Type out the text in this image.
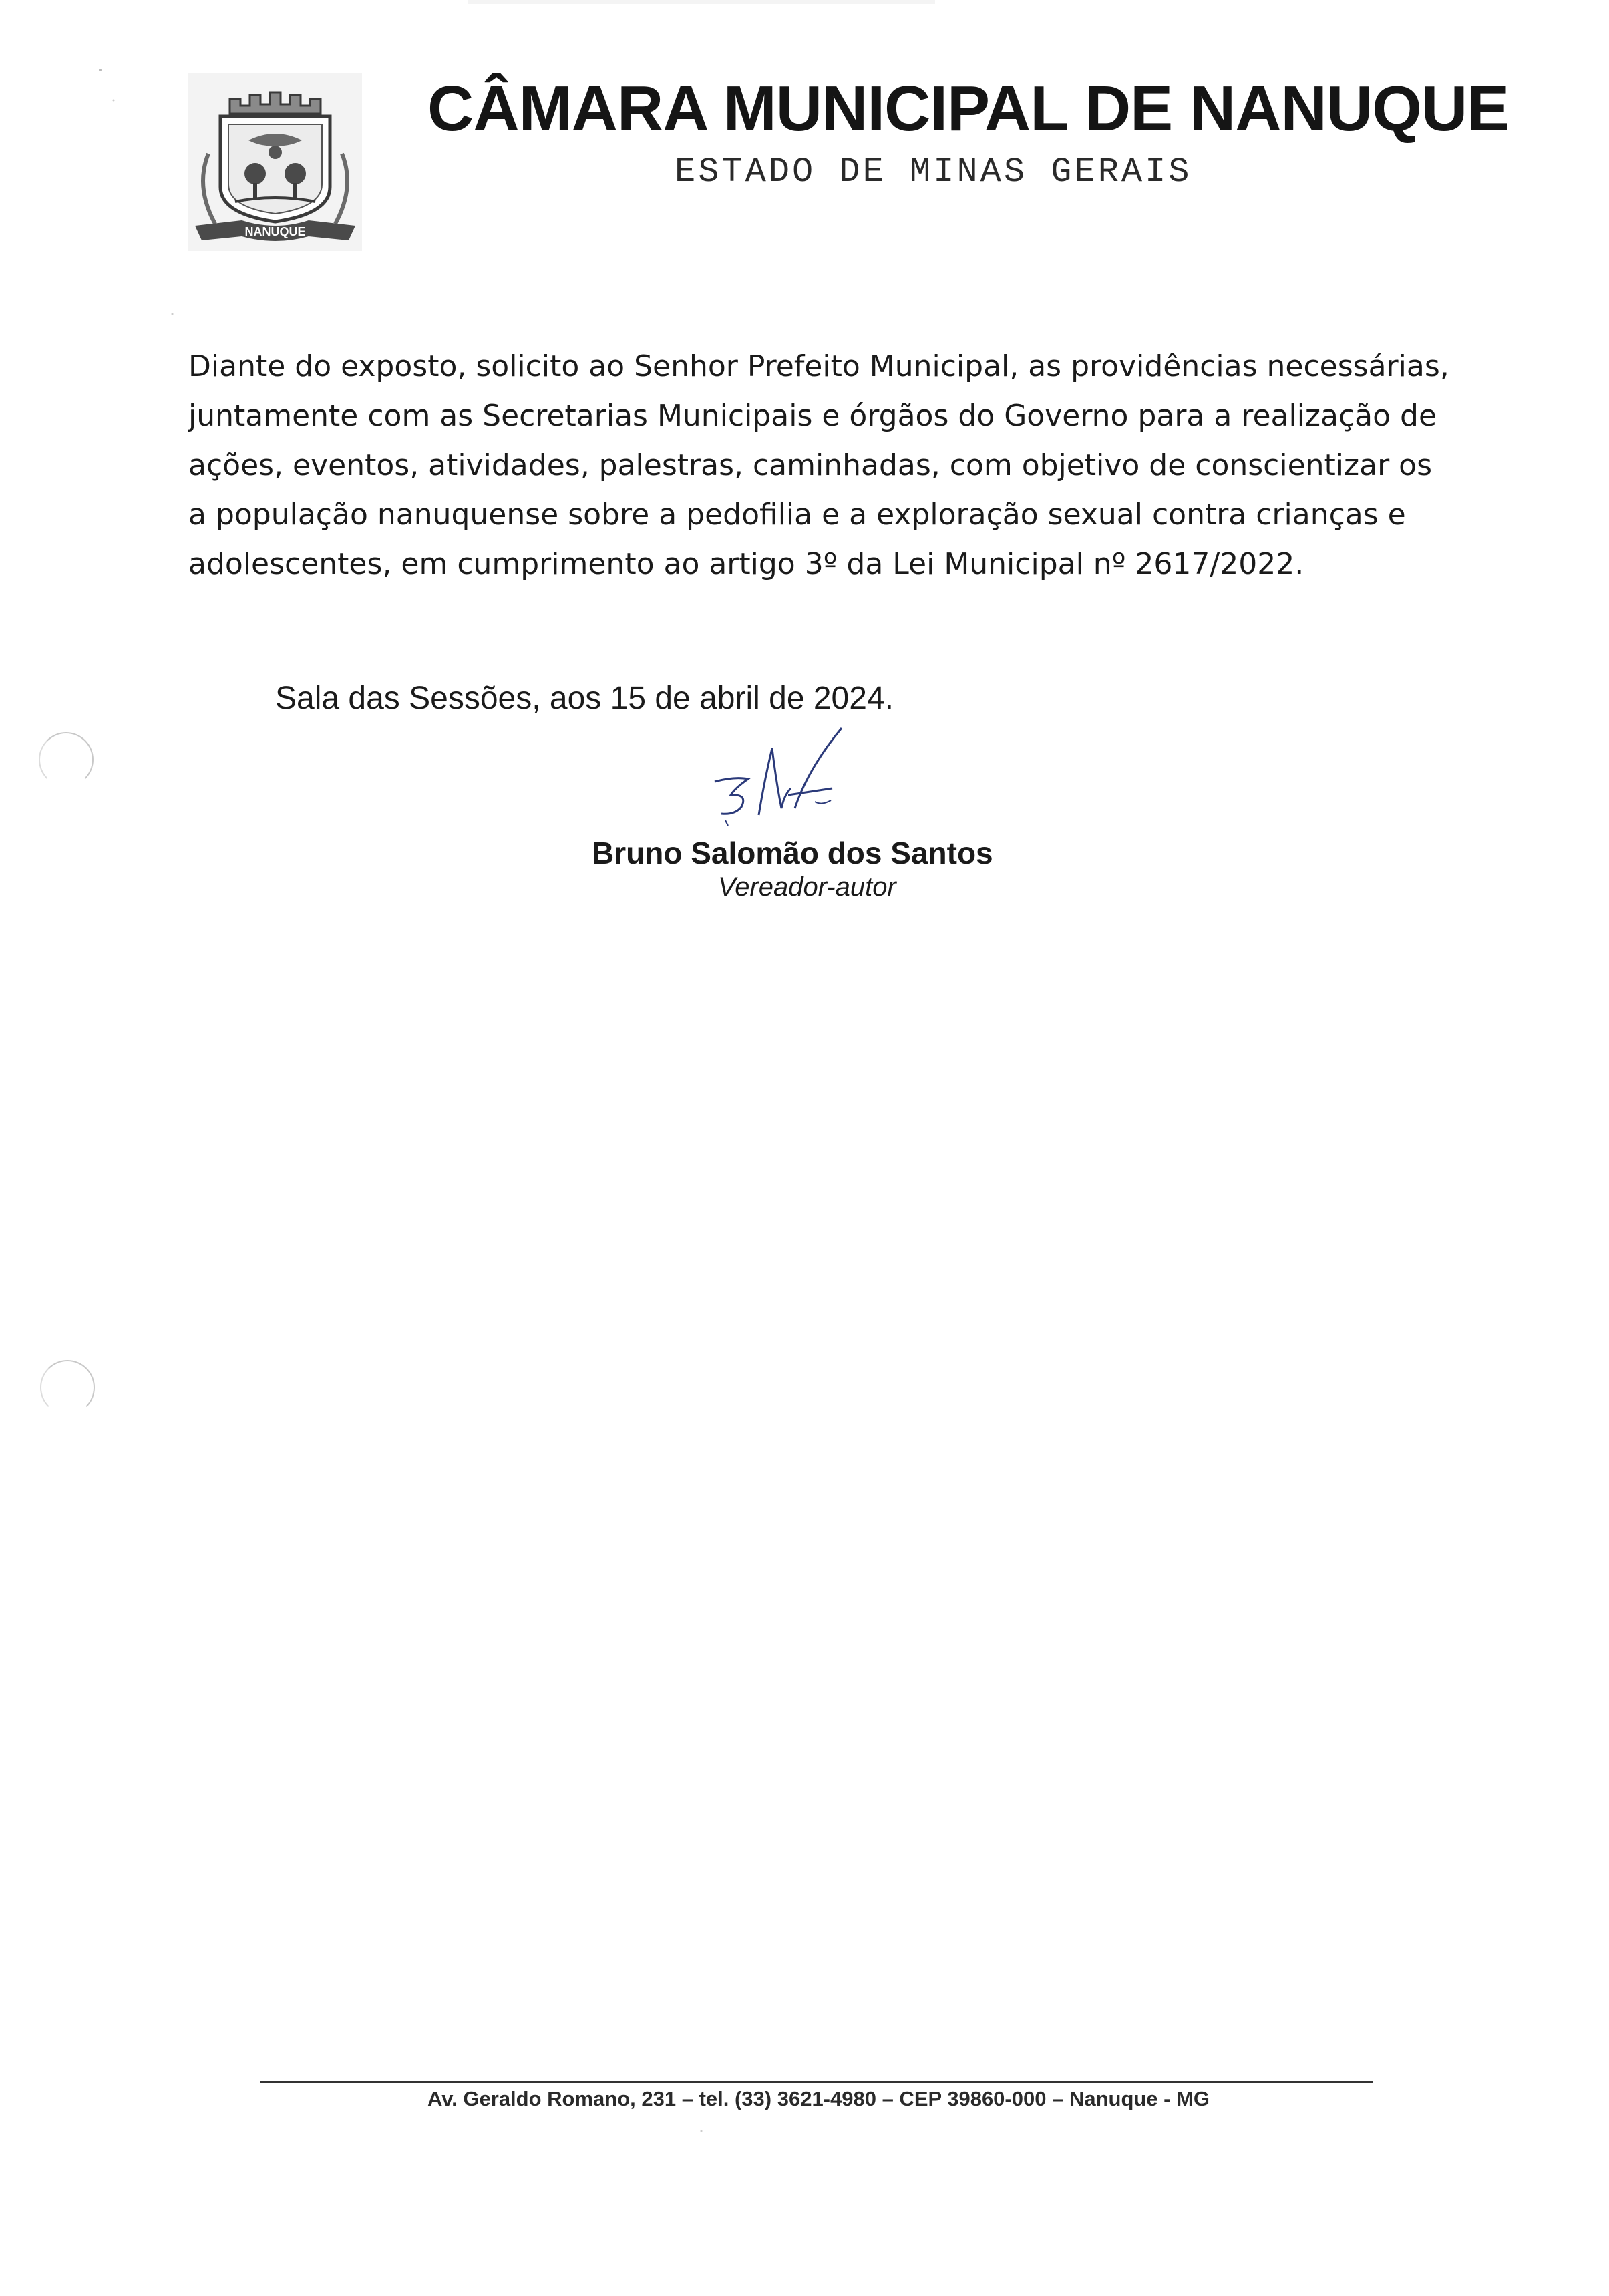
NANUQUE
CÂMARA MUNICIPAL DE NANUQUE
ESTADO DE MINAS GERAIS
Diante do exposto, solicito ao Senhor Prefeito Municipal, as providências necessárias,
juntamente com as Secretarias Municipais e órgãos do Governo para a realização de
ações, eventos, atividades, palestras, caminhadas, com objetivo de conscientizar os
a população nanuquense sobre a pedofilia e a exploração sexual contra crianças e
adolescentes, em cumprimento ao artigo 3º da Lei Municipal nº 2617/2022.
Sala das Sessões, aos 15 de abril de 2024.
Bruno Salomão dos Santos
Vereador-autor
Av. Geraldo Romano, 231 – tel. (33) 3621-4980 – CEP 39860-000 – Nanuque - MG
